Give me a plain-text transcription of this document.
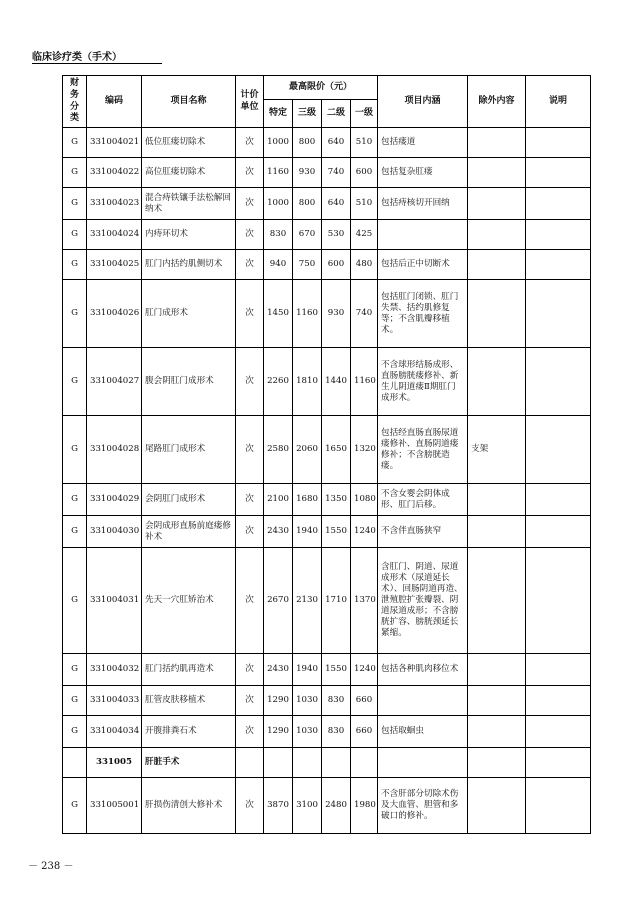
临床诊疗类（手术）
财务分类	编码	项目名称	计价单位	最高限价（元）				项目内涵	除外内容	说明
				特定	三级	二级	一级			
G	331004021	低位肛瘘切除术	次	1000	800	640	510	包括瘘道		
G	331004022	高位肛瘘切除术	次	1160	930	740	600	包括复杂肛瘘		
G	331004023	混合痔铁镶手法松解回纳术	次	1000	800	640	510	包括痔核切开回纳		
G	331004024	内痔环切术	次	830	670	530	425			
G	331004025	肛门内括约肌侧切术	次	940	750	600	480	包括后正中切断术		
G	331004026	肛门成形术	次	1450	1160	930	740	包括肛门闭锁、肛门失禁、括约肌修复等；不含肌瓣移植术。		
G	331004027	腹会阴肛门成形术	次	2260	1810	1440	1160	不含球形结肠成形、直肠膀胱瘘修补、新生儿阴道瘘Ⅱ期肛门成形术。		
G	331004028	尾路肛门成形术	次	2580	2060	1650	1320	包括经直肠直肠尿道瘘修补、直肠阴道瘘修补；不含膀胱造瘘。	支架	
G	331004029	会阴肛门成形术	次	2100	1680	1350	1080	不含女婴会阴体成形、肛门后移。		
G	331004030	会阴成形直肠前庭瘘修补术	次	2430	1940	1550	1240	不含伴直肠狭窄		
G	331004031	先天一穴肛矫治术	次	2670	2130	1710	1370	含肛门、阴道、尿道成形术（尿道延长术）、回肠阴道再造、泄殖腔扩张瓣裂、阴道尿道成形；不含膀胱扩容、膀胱颈延长紧缩。		
G	331004032	肛门括约肌再造术	次	2430	1940	1550	1240	包括各种肌肉移位术		
G	331004033	肛管皮肤移植术	次	1290	1030	830	660			
G	331004034	开腹排粪石术	次	1290	1030	830	660	包括取蛔虫		
	331005	肝脏手术								
G	331005001	肝损伤清创大修补术	次	3870	3100	2480	1980	不含肝部分切除术伤及大血管、胆管和多破口的修补。		
－ 238 －
